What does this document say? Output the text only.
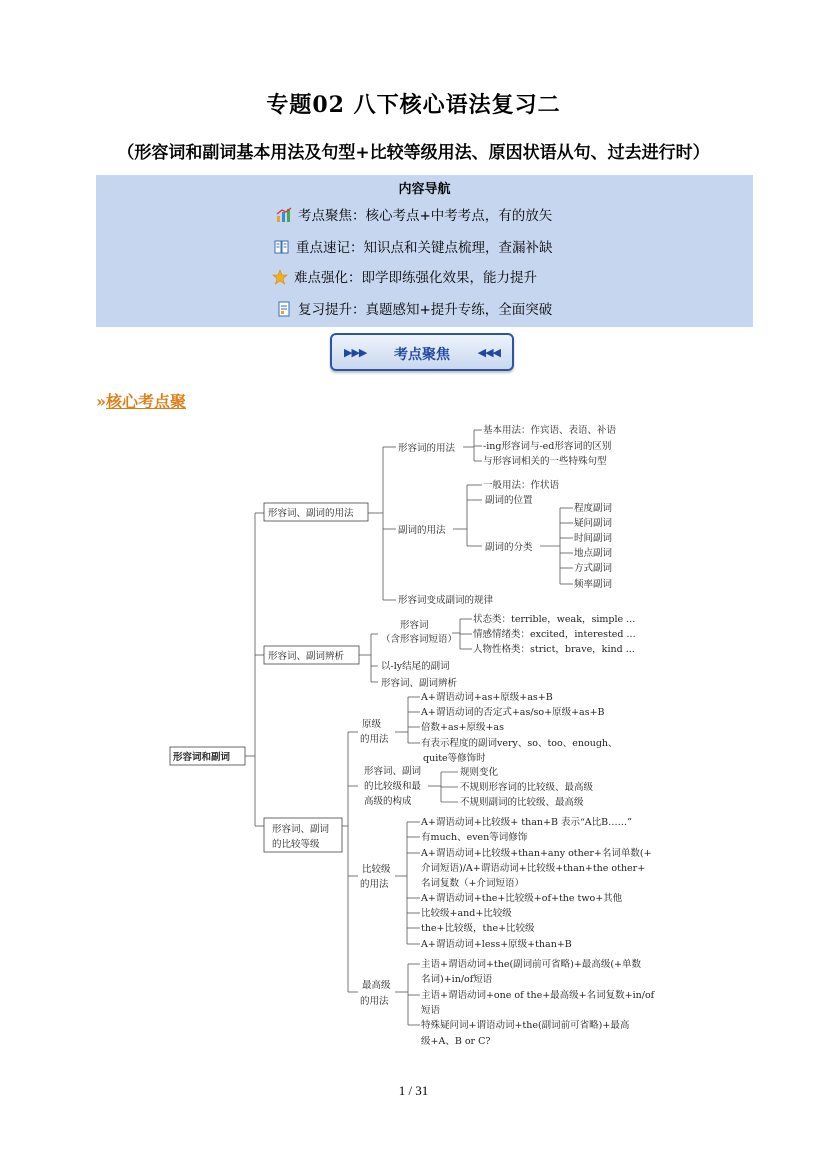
专题02 八下核心语法复习二
（形容词和副词基本用法及句型+比较等级用法、原因状语从句、过去进行时）
内容导航
考点聚焦：核心考点+中考考点，有的放矢
重点速记：知识点和关键点梳理，查漏补缺
难点强化：即学即练强化效果，能力提升
复习提升：真题感知+提升专练，全面突破
▶▶▶	考点聚焦	◀◀◀
»核心考点聚
形容词和副词
形容词、副词的用法
形容词的用法
基本用法：作宾语、表语、补语
-ing形容词与-ed形容词的区别
与形容词相关的一些特殊句型
副词的用法
一般用法：作状语
副词的位置
副词的分类
程度副词
疑问副词
时间副词
地点副词
方式副词
频率副词
形容词变成副词的规律
形容词、副词辨析
形容词
（含形容词短语）
状态类：terrible，weak，simple ...
情感情绪类：excited，interested ...
人物性格类：strict，brave，kind ...
以-ly结尾的副词
形容词、副词辨析
形容词、副词
的比较等级
原级
的用法
A+谓语动词+as+原级+as+B
A+谓语动词的否定式+as/so+原级+as+B
倍数+as+原级+as
有表示程度的副词very、so、too、enough、
quite等修饰时
形容词、副词
的比较级和最
高级的构成
规则变化
不规则形容词的比较级、最高级
不规则副词的比较级、最高级
比较级
的用法
A+谓语动词+比较级+ than+B 表示“A比B……”
有much、even等词修饰
A+谓语动词+比较级+than+any other+名词单数(+
介词短语)/A+谓语动词+比较级+than+the other+
名词复数（+介词短语）
A+谓语动词+the+比较级+of+the two+其他
比较级+and+比较级
the+比较级，the+比较级
A+谓语动词+less+原级+than+B
最高级
的用法
主语+谓语动词+the(副词前可省略)+最高级(+单数
名词)+in/of短语
主语+谓语动词+one of the+最高级+名词复数+in/of
短语
特殊疑问词+谓语动词+the(副词前可省略)+最高
级+A、B or C?
1 / 31
